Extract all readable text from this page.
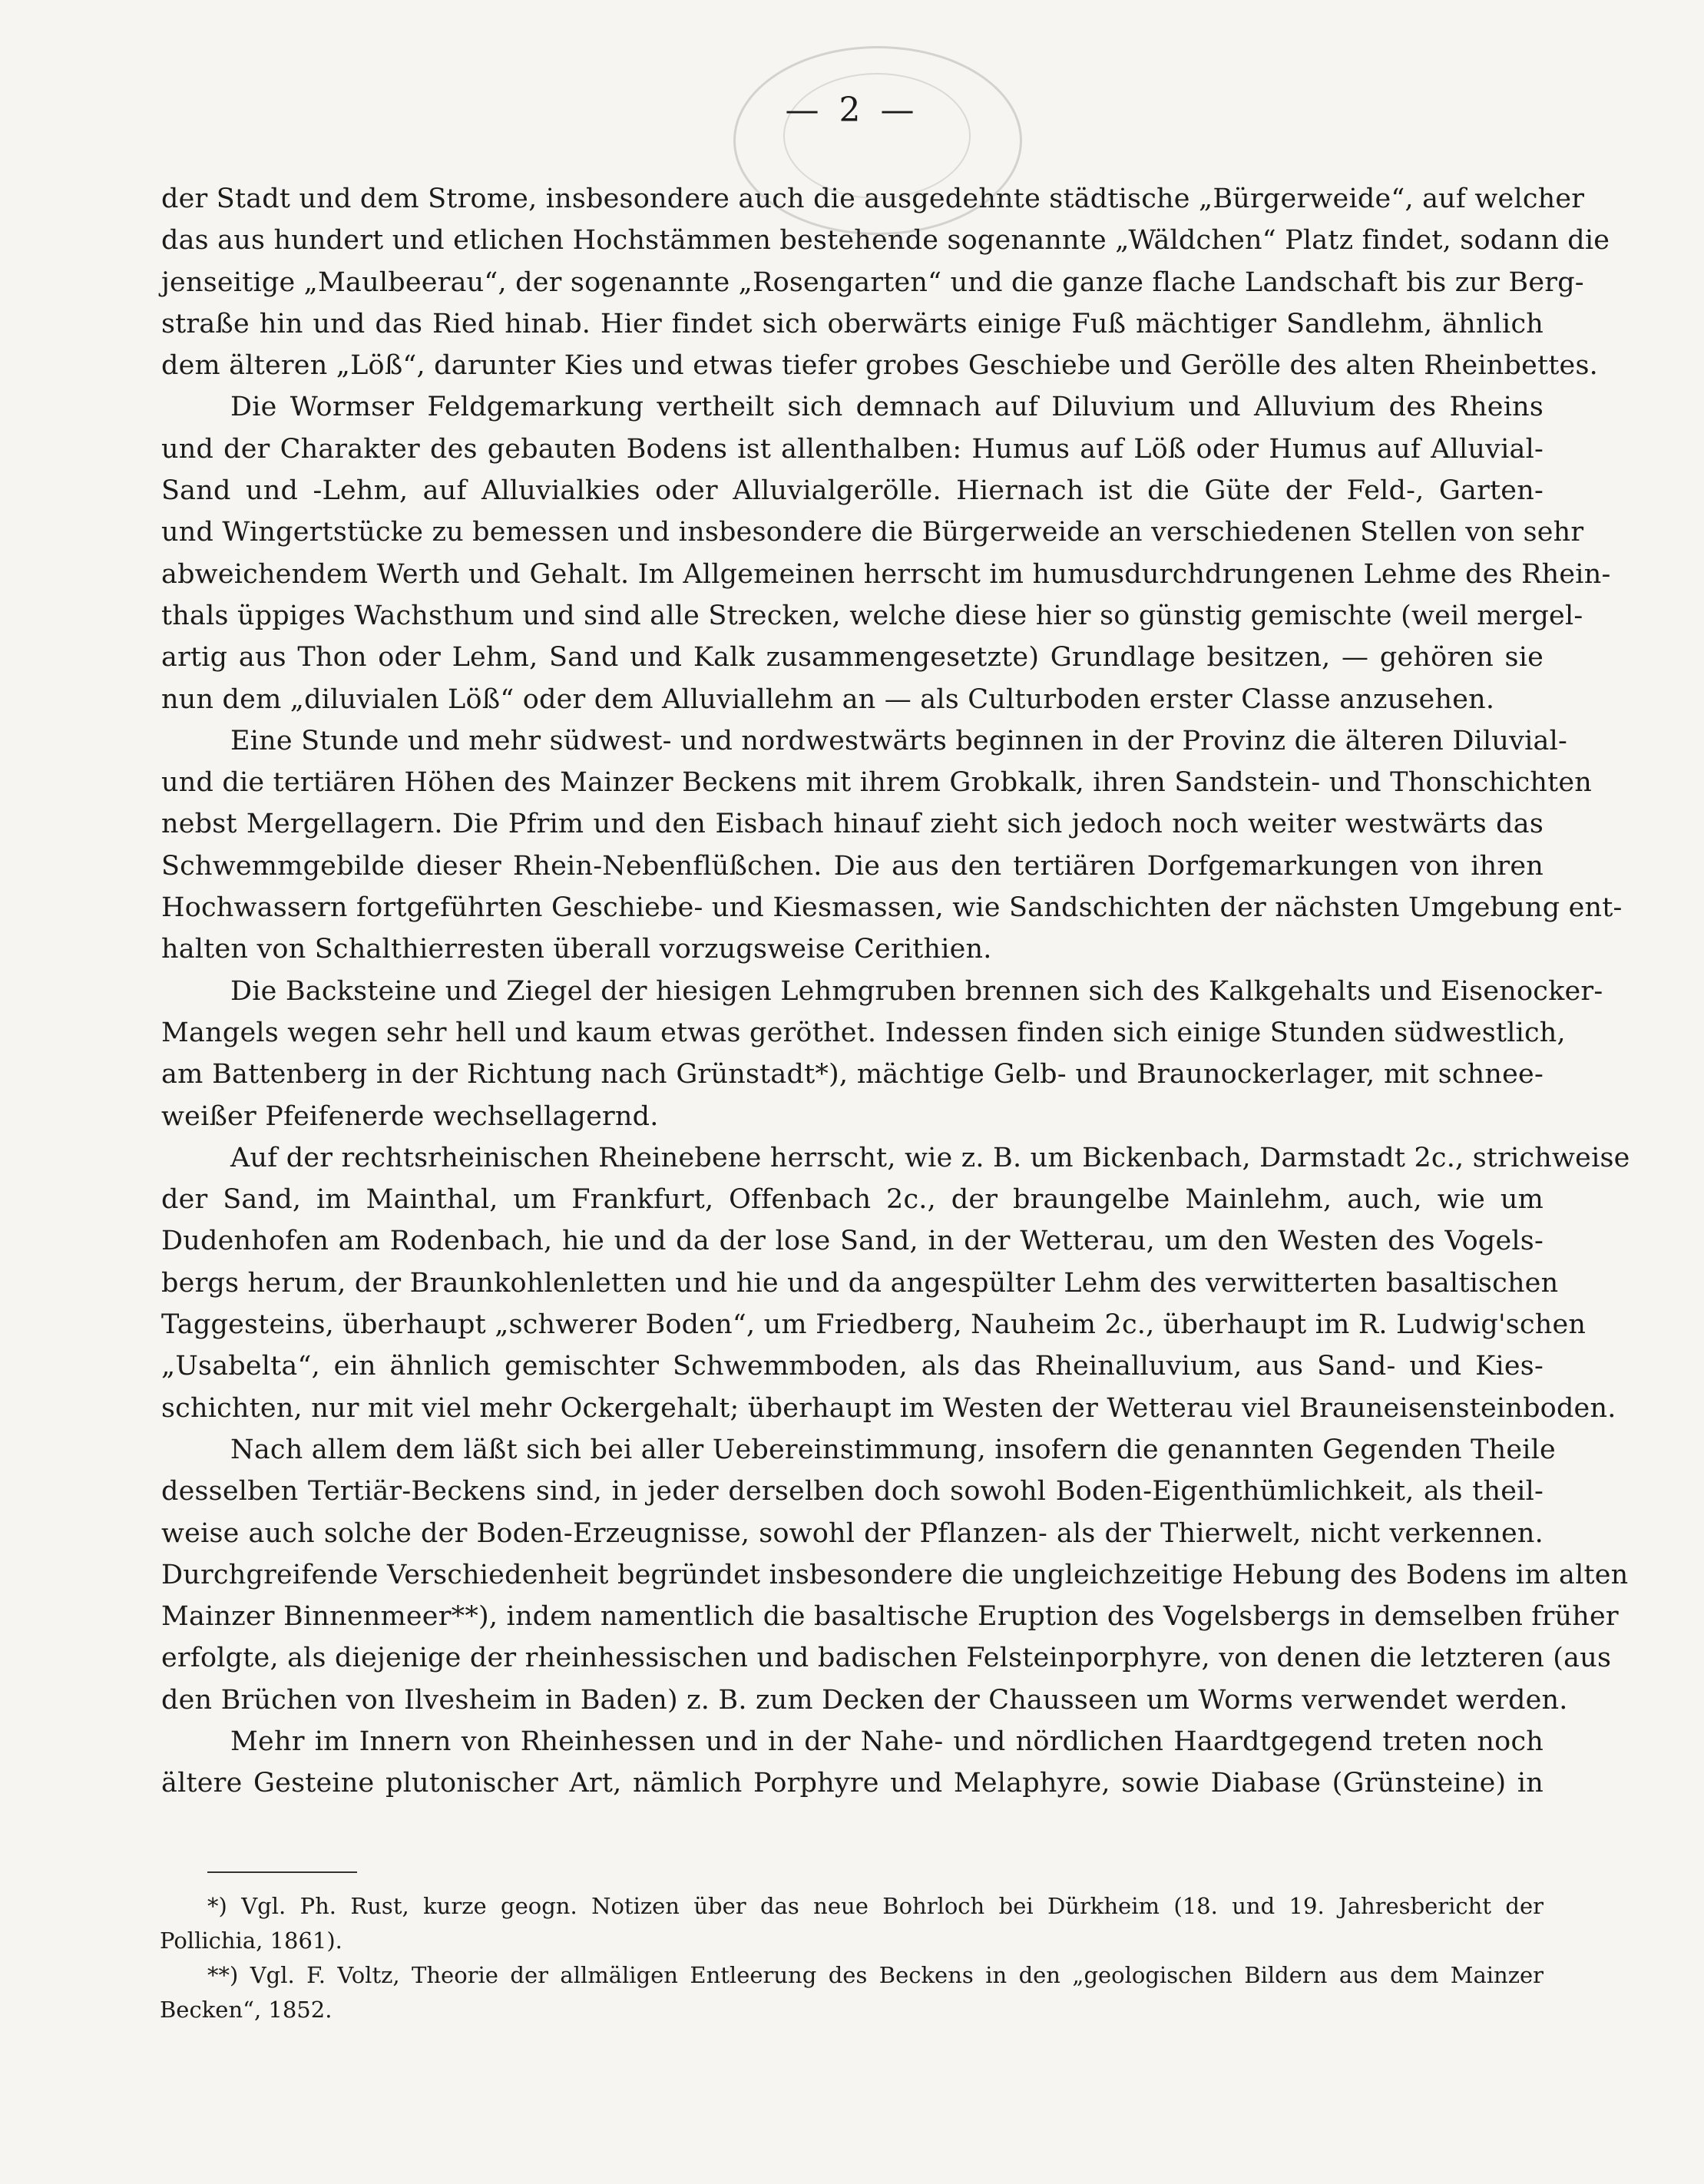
— 2 —

der Stadt und dem Strome, insbesondere auch die ausgedehnte städtische „Bürgerweide“, auf welcher

das aus hundert und etlichen Hochstämmen bestehende sogenannte „Wäldchen“ Platz findet, sodann die

jenseitige „Maulbeerau“, der sogenannte „Rosengarten“ und die ganze flache Landschaft bis zur Berg-

straße hin und das Ried hinab. Hier findet sich oberwärts einige Fuß mächtiger Sandlehm, ähnlich

dem älteren „Löß“, darunter Kies und etwas tiefer grobes Geschiebe und Gerölle des alten Rheinbettes.

Die Wormser Feldgemarkung vertheilt sich demnach auf Diluvium und Alluvium des Rheins

und der Charakter des gebauten Bodens ist allenthalben: Humus auf Löß oder Humus auf Alluvial-

Sand und -Lehm, auf Alluvialkies oder Alluvialgerölle. Hiernach ist die Güte der Feld-, Garten-

und Wingertstücke zu bemessen und insbesondere die Bürgerweide an verschiedenen Stellen von sehr

abweichendem Werth und Gehalt. Im Allgemeinen herrscht im humusdurchdrungenen Lehme des Rhein-

thals üppiges Wachsthum und sind alle Strecken, welche diese hier so günstig gemischte (weil mergel-

artig aus Thon oder Lehm, Sand und Kalk zusammengesetzte) Grundlage besitzen, — gehören sie

nun dem „diluvialen Löß“ oder dem Alluviallehm an — als Culturboden erster Classe anzusehen.

Eine Stunde und mehr südwest- und nordwestwärts beginnen in der Provinz die älteren Diluvial-

und die tertiären Höhen des Mainzer Beckens mit ihrem Grobkalk, ihren Sandstein- und Thonschichten

nebst Mergellagern. Die Pfrim und den Eisbach hinauf zieht sich jedoch noch weiter westwärts das

Schwemmgebilde dieser Rhein-Nebenflüßchen. Die aus den tertiären Dorfgemarkungen von ihren

Hochwassern fortgeführten Geschiebe- und Kiesmassen, wie Sandschichten der nächsten Umgebung ent-

halten von Schalthierresten überall vorzugsweise Cerithien.

Die Backsteine und Ziegel der hiesigen Lehmgruben brennen sich des Kalkgehalts und Eisenocker-

Mangels wegen sehr hell und kaum etwas geröthet. Indessen finden sich einige Stunden südwestlich,

am Battenberg in der Richtung nach Grünstadt*), mächtige Gelb- und Braunockerlager, mit schnee-

weißer Pfeifenerde wechsellagernd.

Auf der rechtsrheinischen Rheinebene herrscht, wie z. B. um Bickenbach, Darmstadt 2c., strichweise

der Sand, im Mainthal, um Frankfurt, Offenbach 2c., der braungelbe Mainlehm, auch, wie um

Dudenhofen am Rodenbach, hie und da der lose Sand, in der Wetterau, um den Westen des Vogels-

bergs herum, der Braunkohlenletten und hie und da angespülter Lehm des verwitterten basaltischen

Taggesteins, überhaupt „schwerer Boden“, um Friedberg, Nauheim 2c., überhaupt im R. Ludwig'schen

„Usabelta“, ein ähnlich gemischter Schwemmboden, als das Rheinalluvium, aus Sand- und Kies-

schichten, nur mit viel mehr Ockergehalt; überhaupt im Westen der Wetterau viel Brauneisensteinboden.

Nach allem dem läßt sich bei aller Uebereinstimmung, insofern die genannten Gegenden Theile

desselben Tertiär-Beckens sind, in jeder derselben doch sowohl Boden-Eigenthümlichkeit, als theil-

weise auch solche der Boden-Erzeugnisse, sowohl der Pflanzen- als der Thierwelt, nicht verkennen.

Durchgreifende Verschiedenheit begründet insbesondere die ungleichzeitige Hebung des Bodens im alten

Mainzer Binnenmeer**), indem namentlich die basaltische Eruption des Vogelsbergs in demselben früher

erfolgte, als diejenige der rheinhessischen und badischen Felsteinporphyre, von denen die letzteren (aus

den Brüchen von Ilvesheim in Baden) z. B. zum Decken der Chausseen um Worms verwendet werden.

Mehr im Innern von Rheinhessen und in der Nahe- und nördlichen Haardtgegend treten noch

ältere Gesteine plutonischer Art, nämlich Porphyre und Melaphyre, sowie Diabase (Grünsteine) in

*) Vgl. Ph. Rust, kurze geogn. Notizen über das neue Bohrloch bei Dürkheim (18. und 19. Jahresbericht der

Pollichia, 1861).

**) Vgl. F. Voltz, Theorie der allmäligen Entleerung des Beckens in den „geologischen Bildern aus dem Mainzer

Becken“, 1852.
